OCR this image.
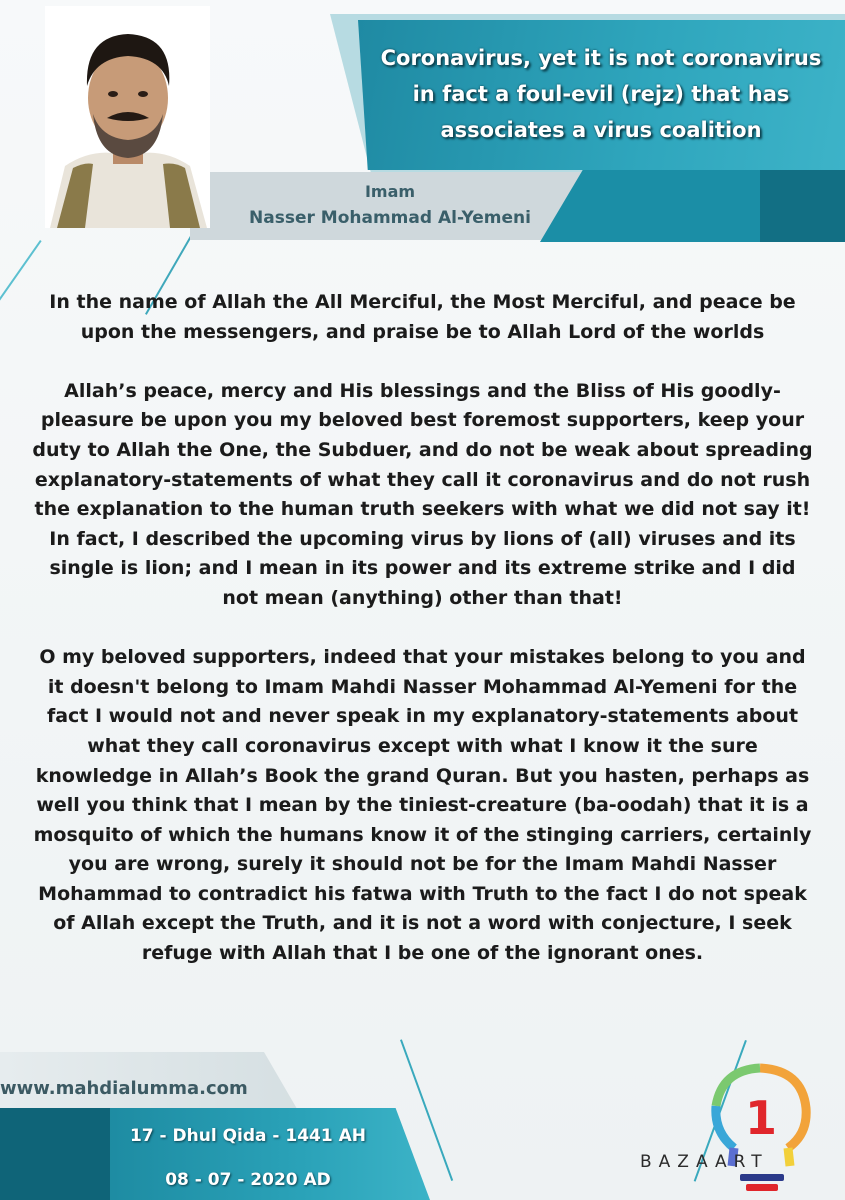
Coronavirus, yet it is not coronavirus
in fact a foul-evil (rejz) that has
associates a virus coalition
Imam
Nasser Mohammad Al-Yemeni

In the name of Allah the All Merciful, the Most Merciful, and peace be upon the messengers, and praise be to Allah Lord of the worlds

Allah’s peace, mercy and His blessings and the Bliss of His goodly-pleasure be upon you my beloved best foremost supporters, keep your duty to Allah the One, the Subduer, and do not be weak about spreading explanatory-statements of what they call it coronavirus and do not rush the explanation to the human truth seekers with what we did not say it! In fact, I described the upcoming virus by lions of (all) viruses and its single is lion; and I mean in its power and its extreme strike and I did not mean (anything) other than that!

O my beloved supporters, indeed that your mistakes belong to you and it doesn't belong to Imam Mahdi Nasser Mohammad Al-Yemeni for the fact I would not and never speak in my explanatory-statements about what they call coronavirus except with what I know it the sure knowledge in Allah’s Book the grand Quran. But you hasten, perhaps as well you think that I mean by the tiniest-creature (ba-oodah) that it is a mosquito of which the humans know it of the stinging carriers, certainly you are wrong, surely it should not be for the Imam Mahdi Nasser Mohammad to contradict his fatwa with Truth to the fact I do not speak of Allah except the Truth, and it is not a word with conjecture, I seek refuge with Allah that I be one of the ignorant ones.

www.mahdialumma.com
17 - Dhul Qida - 1441 AH
08 - 07 - 2020 AD
1
BAZAART
